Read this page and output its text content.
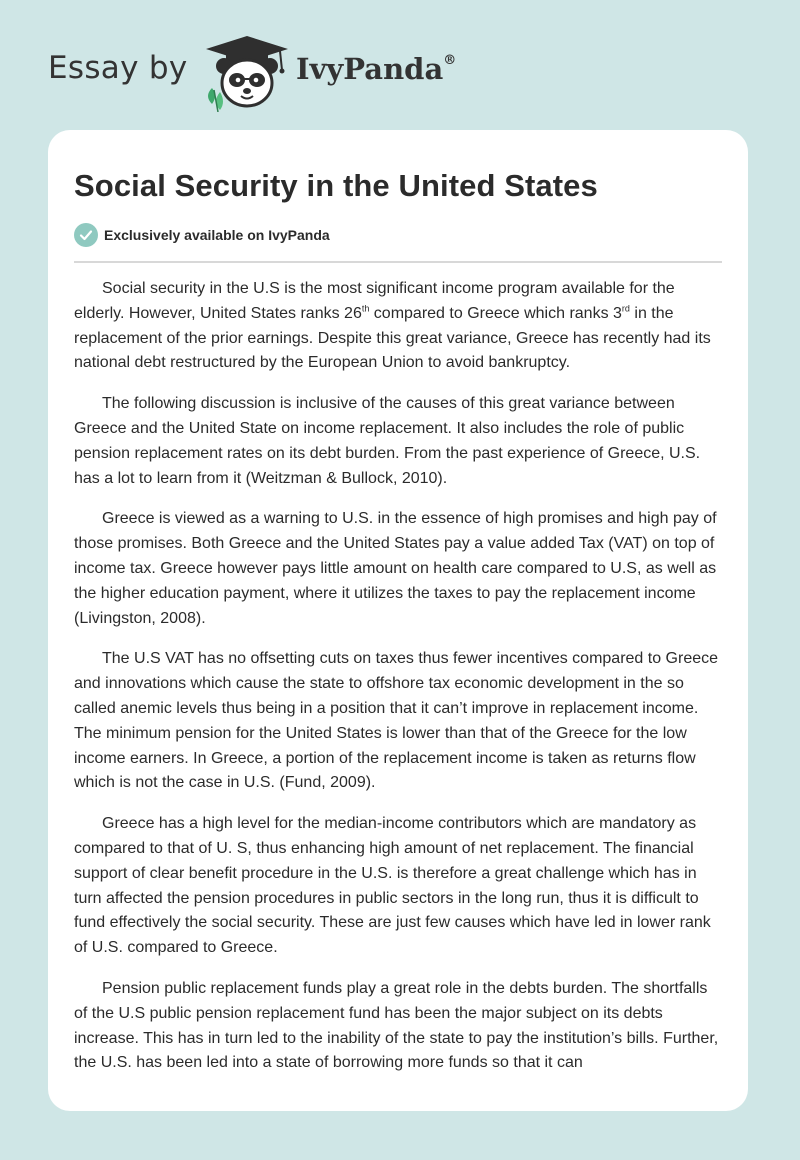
Essay by	IvyPanda®
Social Security in the United States
Exclusively available on IvyPanda

Social security in the U.S is the most significant income program available for the elderly. However, United States ranks 26th compared to Greece which ranks 3rd in the replacement of the prior earnings. Despite this great variance, Greece has recently had its national debt restructured by the European Union to avoid bankruptcy.

The following discussion is inclusive of the causes of this great variance between Greece and the United State on income replacement. It also includes the role of public pension replacement rates on its debt burden. From the past experience of Greece, U.S. has a lot to learn from it (Weitzman & Bullock, 2010).

Greece is viewed as a warning to U.S. in the essence of high promises and high pay of those promises. Both Greece and the United States pay a value added Tax (VAT) on top of income tax. Greece however pays little amount on health care compared to U.S, as well as the higher education payment, where it utilizes the taxes to pay the replacement income (Livingston, 2008).

The U.S VAT has no offsetting cuts on taxes thus fewer incentives compared to Greece and innovations which cause the state to offshore tax economic development in the so called anemic levels thus being in a position that it can’t improve in replacement income. The minimum pension for the United States is lower than that of the Greece for the low income earners. In Greece, a portion of the replacement income is taken as returns flow which is not the case in U.S. (Fund, 2009).

Greece has a high level for the median-income contributors which are mandatory as compared to that of U. S, thus enhancing high amount of net replacement. The financial support of clear benefit procedure in the U.S. is therefore a great challenge which has in turn affected the pension procedures in public sectors in the long run, thus it is difficult to fund effectively the social security. These are just few causes which have led in lower rank of U.S. compared to Greece.

Pension public replacement funds play a great role in the debts burden. The shortfalls of the U.S public pension replacement fund has been the major subject on its debts increase. This has in turn led to the inability of the state to pay the institution’s bills. Further, the U.S. has been led into a state of borrowing more funds so that it can
